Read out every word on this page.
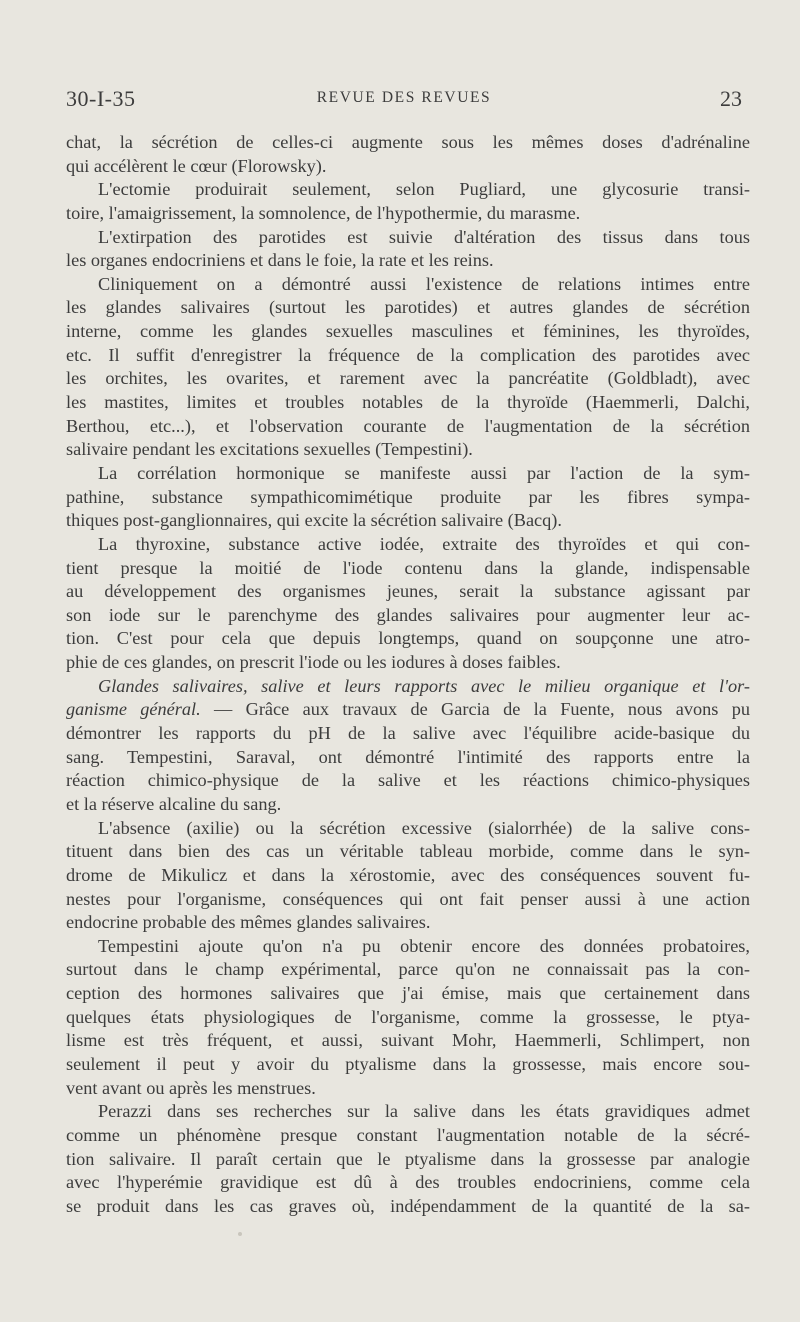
30-I-35	REVUE DES REVUES	23
chat, la sécrétion de celles-ci augmente sous les mêmes doses d'adrénaline
qui accélèrent le cœur (Florowsky).
L'ectomie produirait seulement, selon Pugliard, une glycosurie transi-
toire, l'amaigrissement, la somnolence, de l'hypothermie, du marasme.
L'extirpation des parotides est suivie d'altération des tissus dans tous
les organes endocriniens et dans le foie, la rate et les reins.
Cliniquement on a démontré aussi l'existence de relations intimes entre
les glandes salivaires (surtout les parotides) et autres glandes de sécrétion
interne, comme les glandes sexuelles masculines et féminines, les thyroïdes,
etc. Il suffit d'enregistrer la fréquence de la complication des parotides avec
les orchites, les ovarites, et rarement avec la pancréatite (Goldbladt), avec
les mastites, limites et troubles notables de la thyroïde (Haemmerli, Dalchi,
Berthou, etc...), et l'observation courante de l'augmentation de la sécrétion
salivaire pendant les excitations sexuelles (Tempestini).
La corrélation hormonique se manifeste aussi par l'action de la sym-
pathine, substance sympathicomimétique produite par les fibres sympa-
thiques post-ganglionnaires, qui excite la sécrétion salivaire (Bacq).
La thyroxine, substance active iodée, extraite des thyroïdes et qui con-
tient presque la moitié de l'iode contenu dans la glande, indispensable
au développement des organismes jeunes, serait la substance agissant par
son iode sur le parenchyme des glandes salivaires pour augmenter leur ac-
tion. C'est pour cela que depuis longtemps, quand on soupçonne une atro-
phie de ces glandes, on prescrit l'iode ou les iodures à doses faibles.
Glandes salivaires, salive et leurs rapports avec le milieu organique et l'or-
ganisme général. — Grâce aux travaux de Garcia de la Fuente, nous avons pu
démontrer les rapports du pH de la salive avec l'équilibre acide-basique du
sang. Tempestini, Saraval, ont démontré l'intimité des rapports entre la
réaction chimico-physique de la salive et les réactions chimico-physiques
et la réserve alcaline du sang.
L'absence (axilie) ou la sécrétion excessive (sialorrhée) de la salive cons-
tituent dans bien des cas un véritable tableau morbide, comme dans le syn-
drome de Mikulicz et dans la xérostomie, avec des conséquences souvent fu-
nestes pour l'organisme, conséquences qui ont fait penser aussi à une action
endocrine probable des mêmes glandes salivaires.
Tempestini ajoute qu'on n'a pu obtenir encore des données probatoires,
surtout dans le champ expérimental, parce qu'on ne connaissait pas la con-
ception des hormones salivaires que j'ai émise, mais que certainement dans
quelques états physiologiques de l'organisme, comme la grossesse, le ptya-
lisme est très fréquent, et aussi, suivant Mohr, Haemmerli, Schlimpert, non
seulement il peut y avoir du ptyalisme dans la grossesse, mais encore sou-
vent avant ou après les menstrues.
Perazzi dans ses recherches sur la salive dans les états gravidiques admet
comme un phénomène presque constant l'augmentation notable de la sécré-
tion salivaire. Il paraît certain que le ptyalisme dans la grossesse par analogie
avec l'hyperémie gravidique est dû à des troubles endocriniens, comme cela
se produit dans les cas graves où, indépendamment de la quantité de la sa-
